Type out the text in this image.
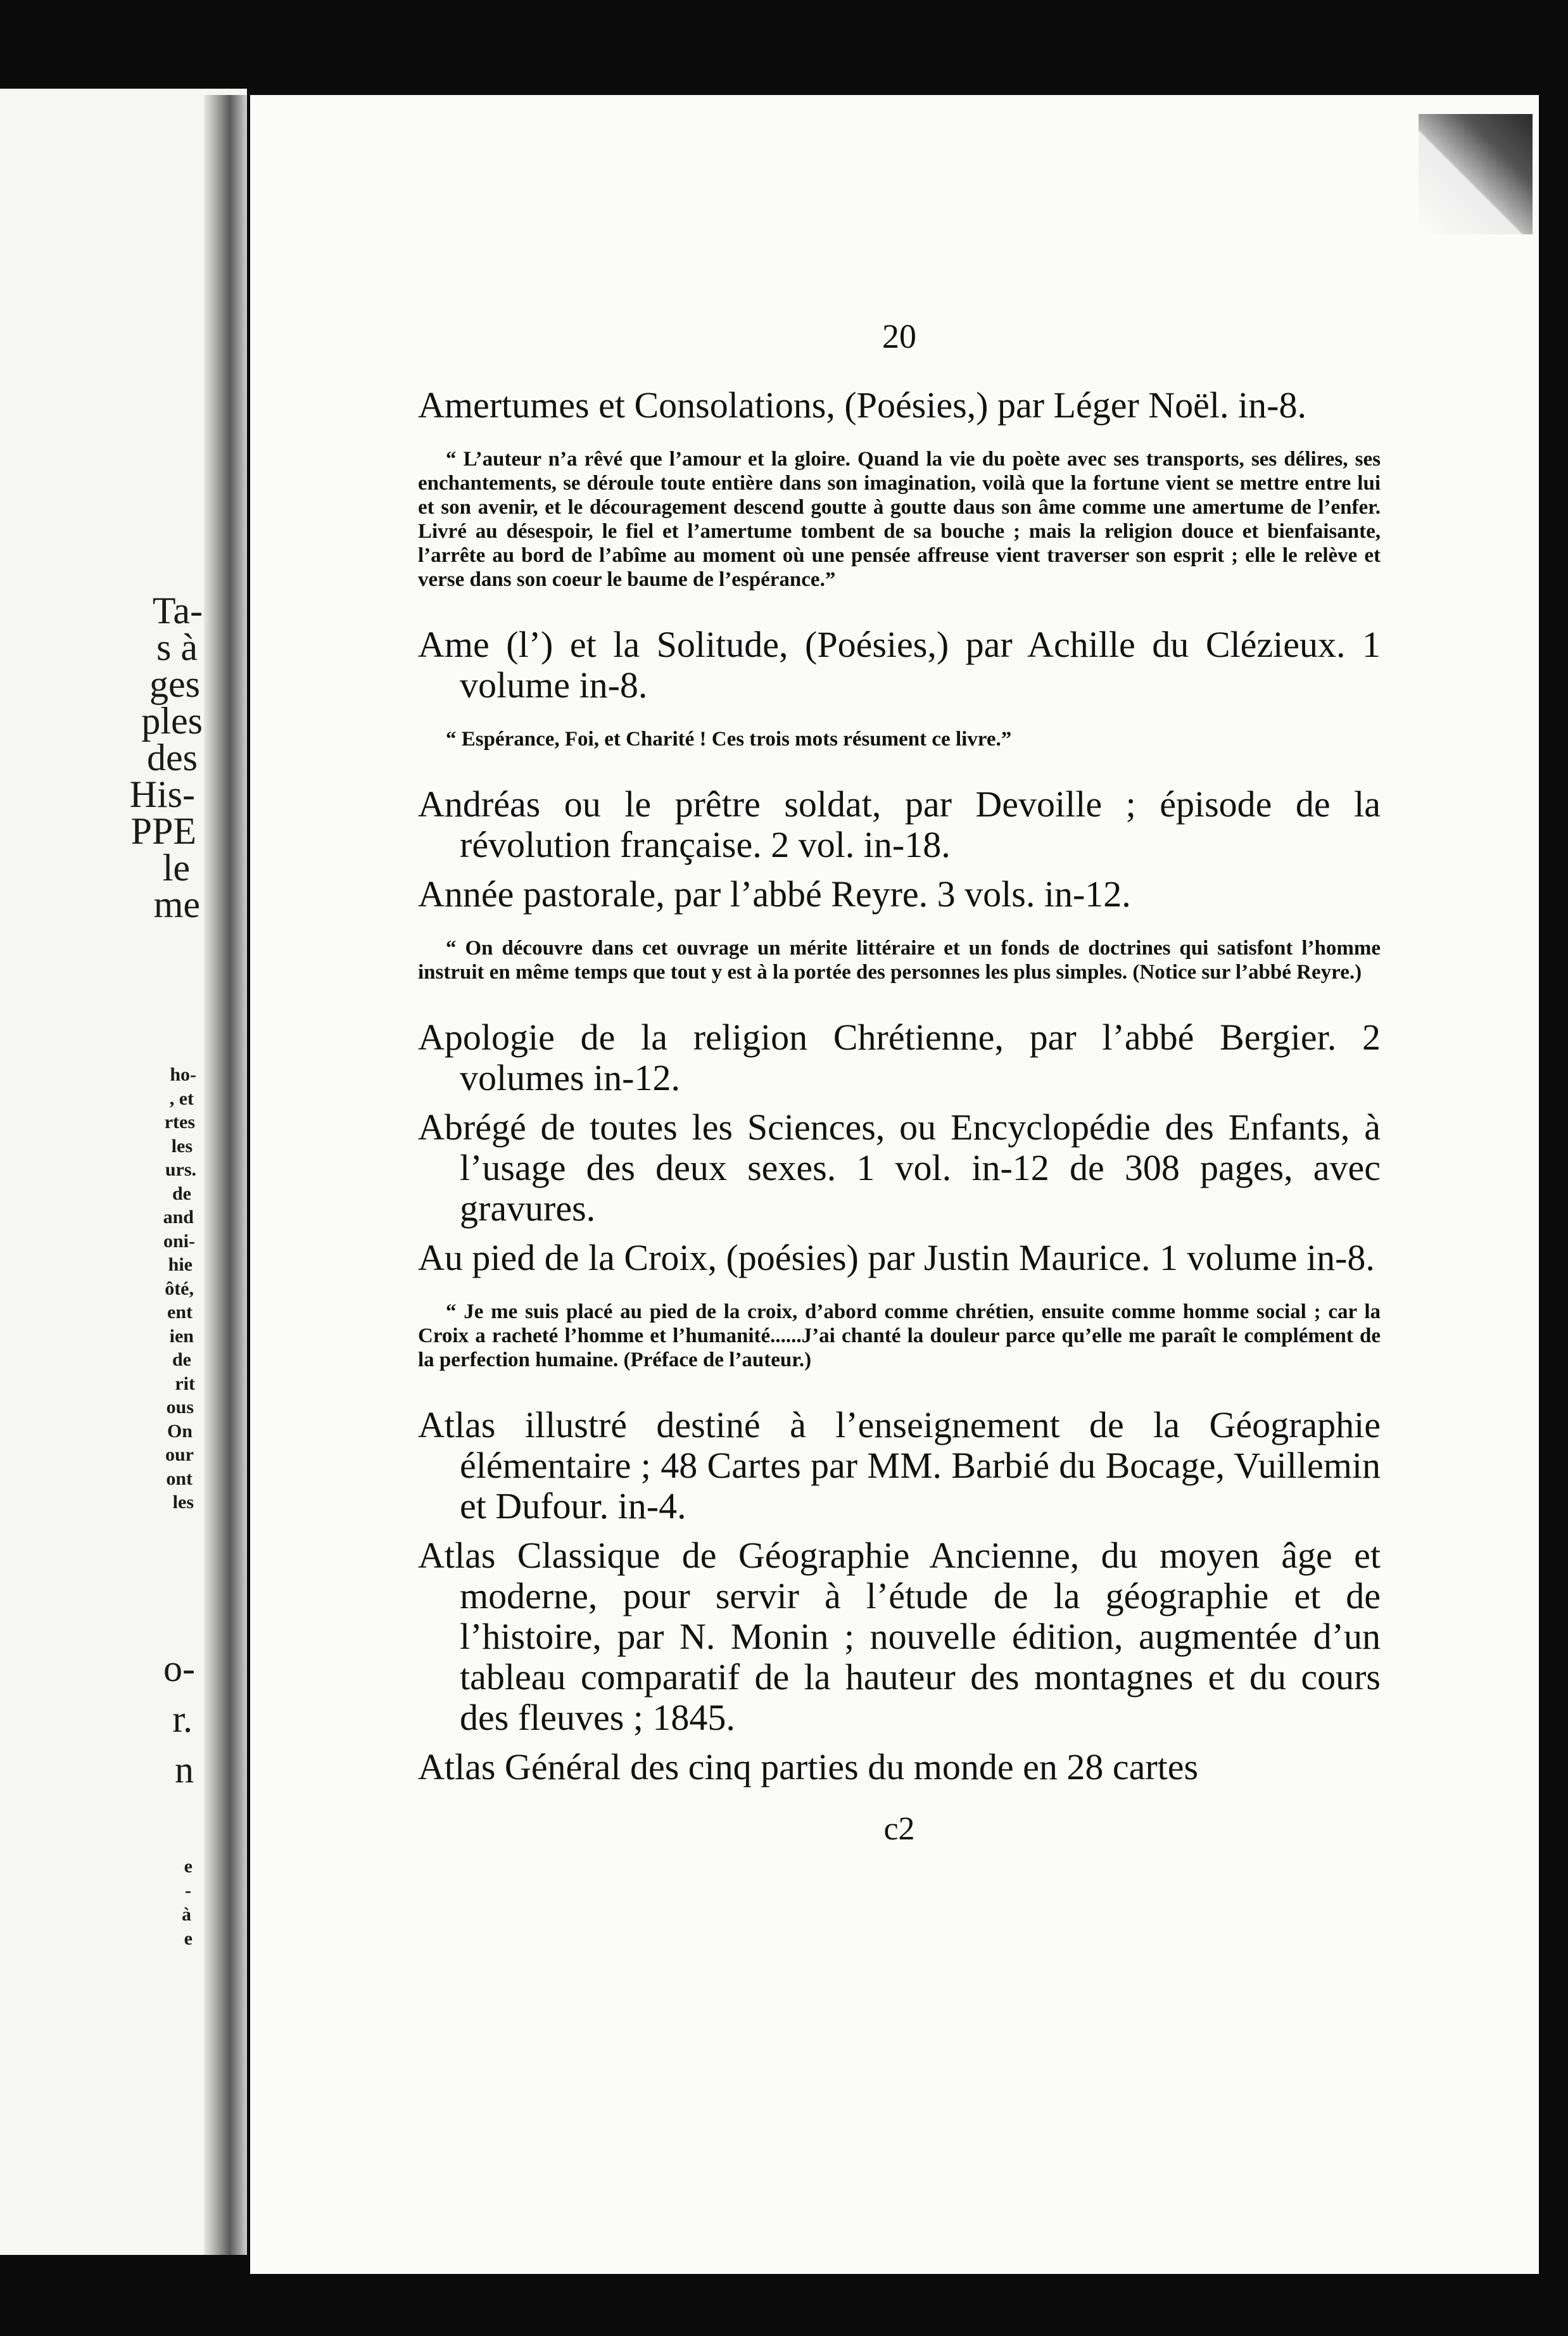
Ta-
s à
ges
ples
des
His-
PPE
le
me
ho-
, et
rtes
les
urs.
de
and
oni-
hie
ôté,
ent
ien
de
rit
ous
On
our
ont
les
o-
r.
n
e
-
à
e
20

Amertumes et Consolations, (Poésies,) par Léger Noël. in-8.

“ L’auteur n’a rêvé que l’amour et la gloire. Quand la vie du poète avec ses transports, ses délires, ses enchantements, se déroule toute entière dans son imagination, voilà que la fortune vient se mettre entre lui et son avenir, et le découragement descend goutte à goutte daus son âme comme une amertume de l’enfer. Livré au désespoir, le fiel et l’amertume tombent de sa bouche ; mais la religion douce et bienfaisante, l’arrête au bord de l’abîme au moment où une pensée affreuse vient traverser son esprit ; elle le relève et verse dans son coeur le baume de l’espérance.”

Ame (l’) et la Solitude, (Poésies,) par Achille du Clézieux. 1 volume in-8.

“ Espérance, Foi, et Charité ! Ces trois mots résument ce livre.”

Andréas ou le prêtre soldat, par Devoille ; épisode de la révolution française. 2 vol. in-18.

Année pastorale, par l’abbé Reyre. 3 vols. in-12.

“ On découvre dans cet ouvrage un mérite littéraire et un fonds de doctrines qui satisfont l’homme instruit en même temps que tout y est à la portée des personnes les plus simples. (Notice sur l’abbé Reyre.)

Apologie de la religion Chrétienne, par l’abbé Bergier. 2 volumes in-12.

Abrégé de toutes les Sciences, ou Encyclopédie des Enfants, à l’usage des deux sexes. 1 vol. in-12 de 308 pages, avec gravures.

Au pied de la Croix, (poésies) par Justin Maurice. 1 volume in-8.

“ Je me suis placé au pied de la croix, d’abord comme chrétien, ensuite comme homme social ; car la Croix a racheté l’homme et l’humanité......J’ai chanté la douleur parce qu’elle me paraît le complément de la perfection humaine. (Préface de l’auteur.)

Atlas illustré destiné à l’enseignement de la Géographie élémentaire ; 48 Cartes par MM. Barbié du Bocage, Vuillemin et Dufour. in-4.

Atlas Classique de Géographie Ancienne, du moyen âge et moderne, pour servir à l’étude de la géographie et de l’histoire, par N. Monin ; nouvelle édition, augmentée d’un tableau comparatif de la hauteur des montagnes et du cours des fleuves ; 1845.

Atlas Général des cinq parties du monde en 28 cartes

c2
